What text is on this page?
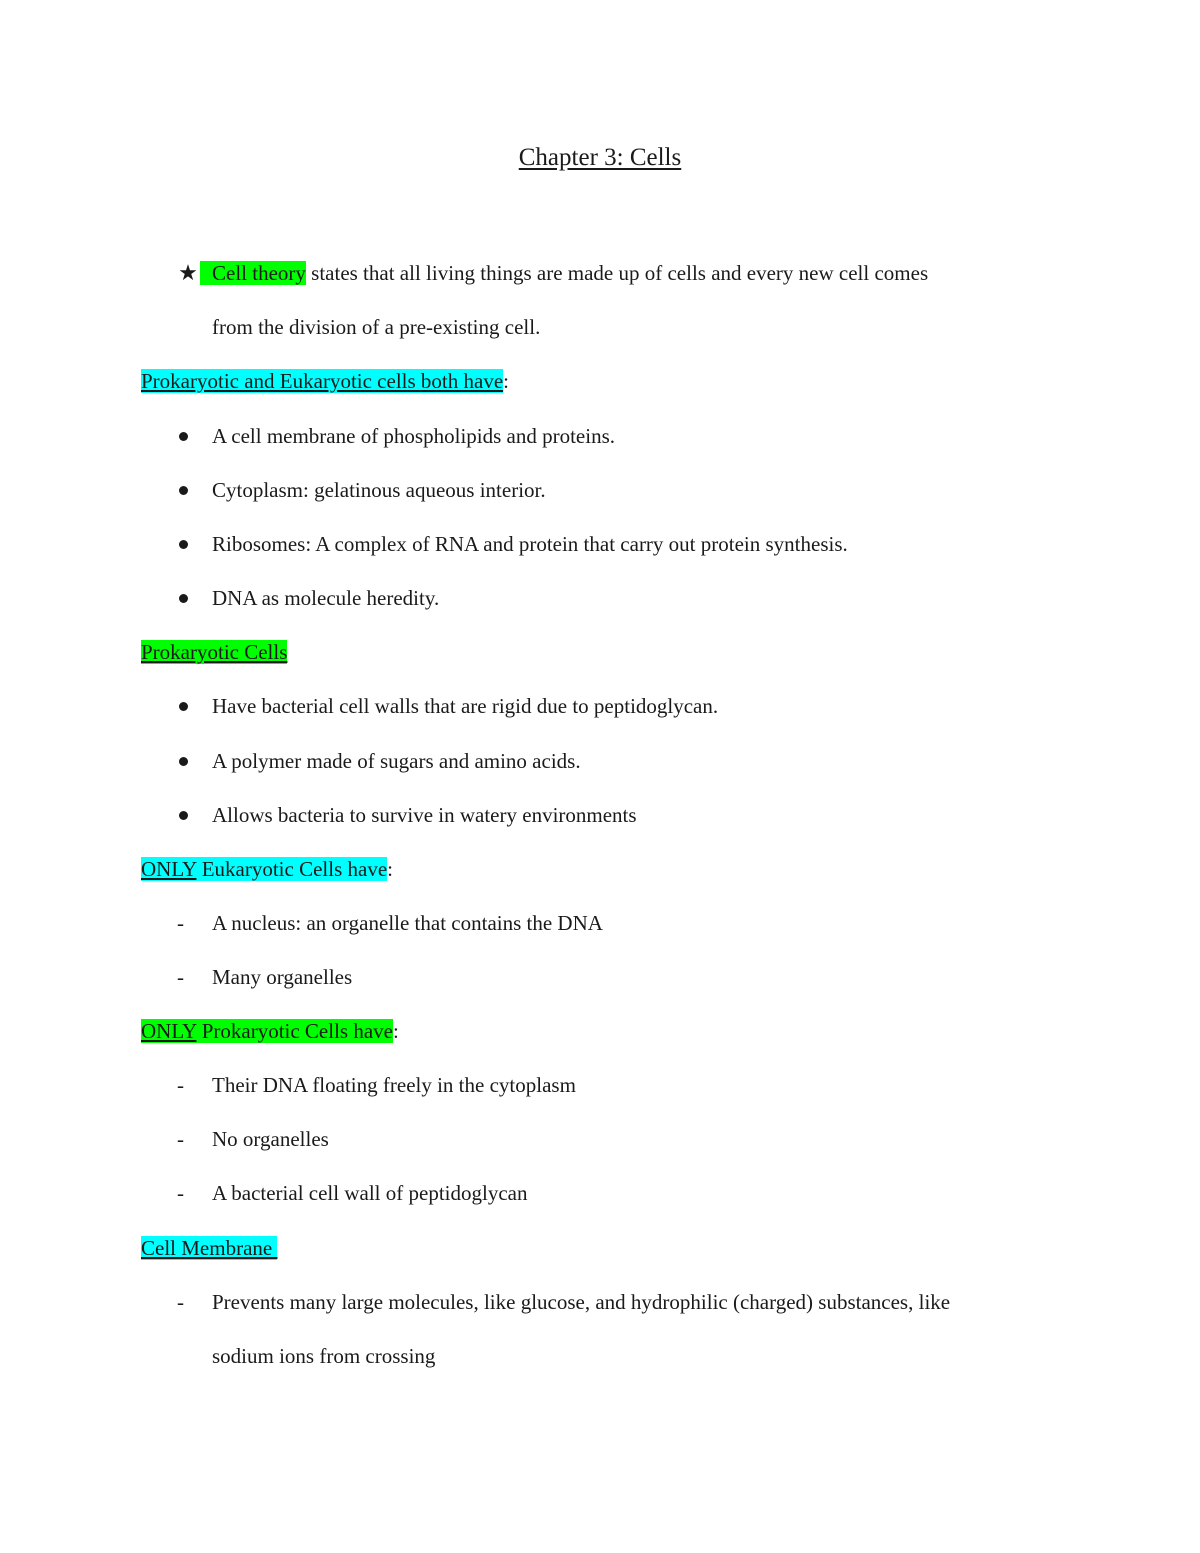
Chapter 3: Cells
★ Cell theory states that all living things are made up of cells and every new cell comes
from the division of a pre-existing cell.
Prokaryotic and Eukaryotic cells both have:
A cell membrane of phospholipids and proteins.
Cytoplasm: gelatinous aqueous interior.
Ribosomes: A complex of RNA and protein that carry out protein synthesis.
DNA as molecule heredity.
Prokaryotic Cells
Have bacterial cell walls that are rigid due to peptidoglycan.
A polymer made of sugars and amino acids.
Allows bacteria to survive in watery environments
ONLY Eukaryotic Cells have:
- A nucleus: an organelle that contains the DNA
- Many organelles
ONLY Prokaryotic Cells have:
- Their DNA floating freely in the cytoplasm
- No organelles
- A bacterial cell wall of peptidoglycan
Cell Membrane
- Prevents many large molecules, like glucose, and hydrophilic (charged) substances, like
sodium ions from crossing
